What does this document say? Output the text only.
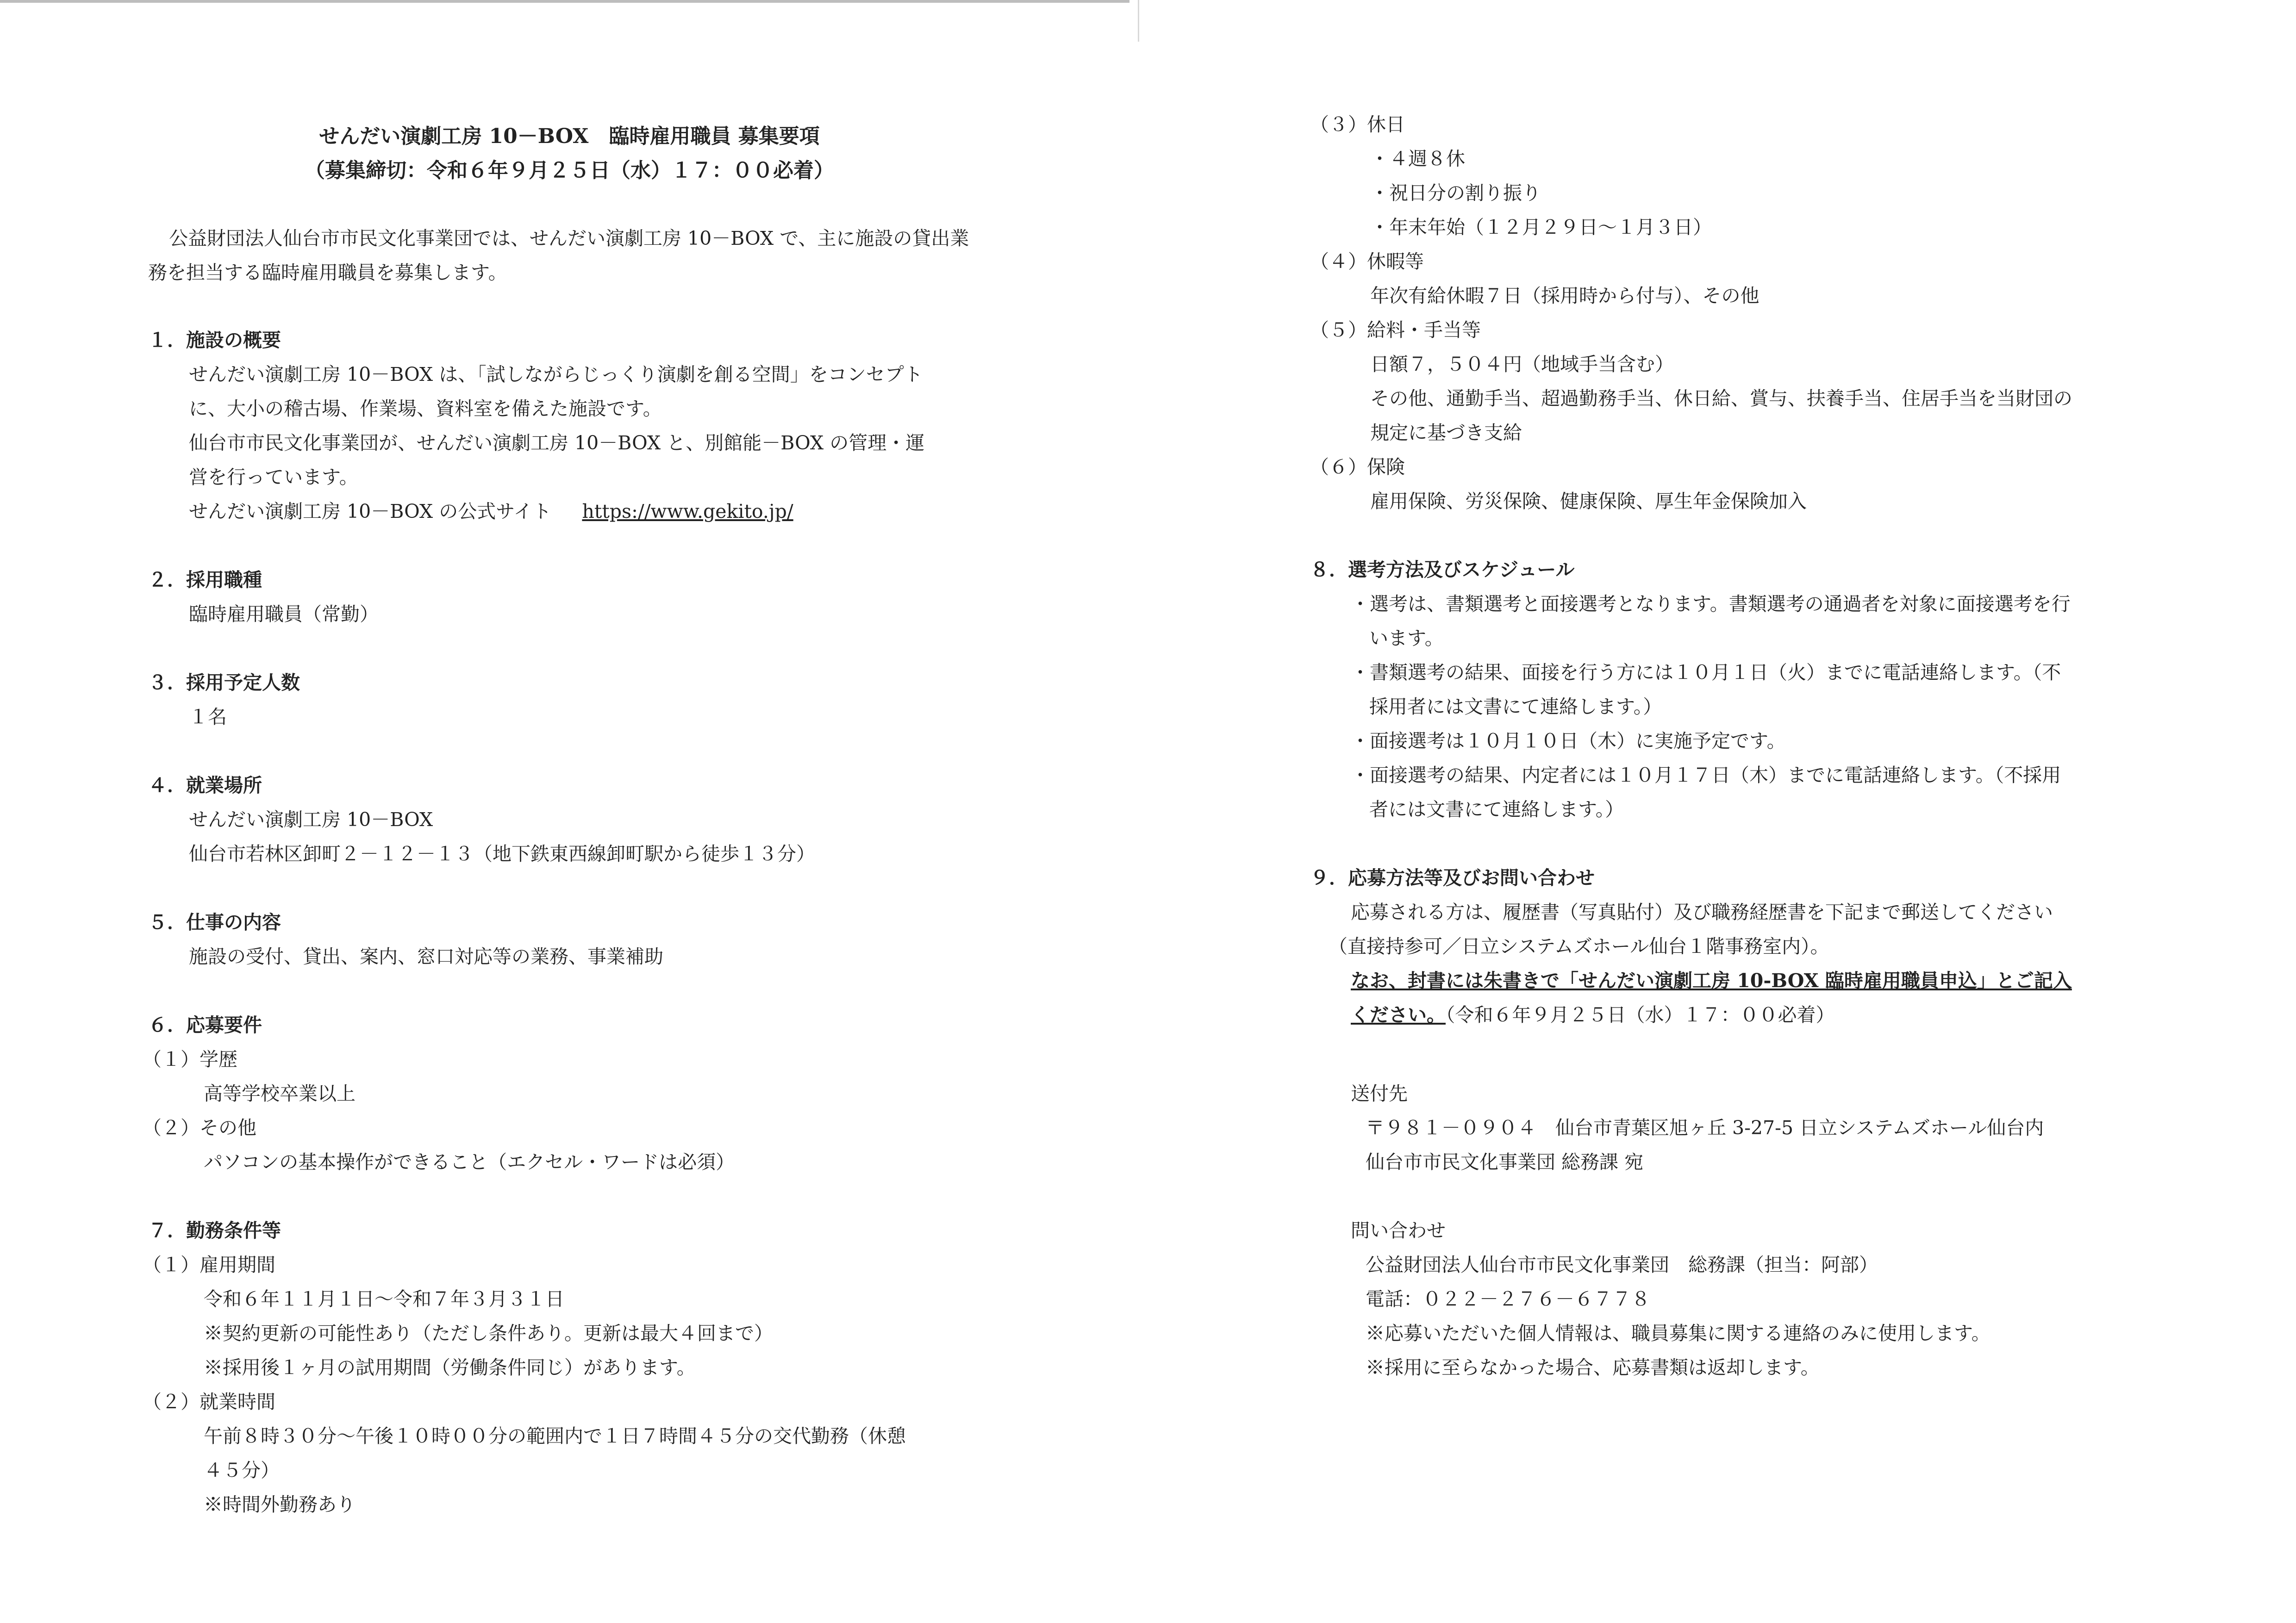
せんだい演劇工房 10－BOX　臨時雇用職員 募集要項
（募集締切：令和６年９月２５日（水）１７：００必着）
公益財団法人仙台市市民文化事業団では、せんだい演劇工房 10－BOX で、主に施設の貸出業務を担当する臨時雇用職員を募集します。
１．施設の概要
せんだい演劇工房 10－BOX は、「試しながらじっくり演劇を創る空間」をコンセプト
に、大小の稽古場、作業場、資料室を備えた施設です。
仙台市市民文化事業団が、せんだい演劇工房 10－BOX と、別館能－BOX の管理・運
営を行っています。
せんだい演劇工房 10－BOX の公式サイト https://www.gekito.jp/
２．採用職種
臨時雇用職員（常勤）
３．採用予定人数
１名
４．就業場所
せんだい演劇工房 10－BOX
仙台市若林区卸町２－１２－１３（地下鉄東西線卸町駅から徒歩１３分）
５．仕事の内容
施設の受付、貸出、案内、窓口対応等の業務、事業補助
６．応募要件
（１）学歴
高等学校卒業以上
（２）その他
パソコンの基本操作ができること（エクセル・ワードは必須）
７．勤務条件等
（１）雇用期間
令和６年１１月１日～令和７年３月３１日
※契約更新の可能性あり（ただし条件あり。更新は最大４回まで）
※採用後１ヶ月の試用期間（労働条件同じ）があります。
（２）就業時間
午前８時３０分～午後１０時００分の範囲内で１日７時間４５分の交代勤務（休憩
４５分）
※時間外勤務あり
（３）休日
・４週８休
・祝日分の割り振り
・年末年始（１２月２９日～１月３日）
（４）休暇等
年次有給休暇７日（採用時から付与）、その他
（５）給料・手当等
日額７，５０４円（地域手当含む）
その他、通勤手当、超過勤務手当、休日給、賞与、扶養手当、住居手当を当財団の
規定に基づき支給
（６）保険
雇用保険、労災保険、健康保険、厚生年金保険加入
８．選考方法及びスケジュール
・選考は、書類選考と面接選考となります。書類選考の通過者を対象に面接選考を行
います。
・書類選考の結果、面接を行う方には１０月１日（火）までに電話連絡します。（不
採用者には文書にて連絡します。）
・面接選考は１０月１０日（木）に実施予定です。
・面接選考の結果、内定者には１０月１７日（木）までに電話連絡します。（不採用
者には文書にて連絡します。）
９．応募方法等及びお問い合わせ
応募される方は、履歴書（写真貼付）及び職務経歴書を下記まで郵送してください
（直接持参可／日立システムズホール仙台１階事務室内）。
なお、封書には朱書きで「せんだい演劇工房 10-BOX 臨時雇用職員申込」とご記入
ください。（令和６年９月２５日（水）１７：００必着）
送付先
〒９８１－０９０４　仙台市青葉区旭ヶ丘 3-27-5 日立システムズホール仙台内
仙台市市民文化事業団 総務課 宛
問い合わせ
公益財団法人仙台市市民文化事業団　総務課（担当：阿部）
電話：０２２－２７６－６７７８
※応募いただいた個人情報は、職員募集に関する連絡のみに使用します。
※採用に至らなかった場合、応募書類は返却します。
